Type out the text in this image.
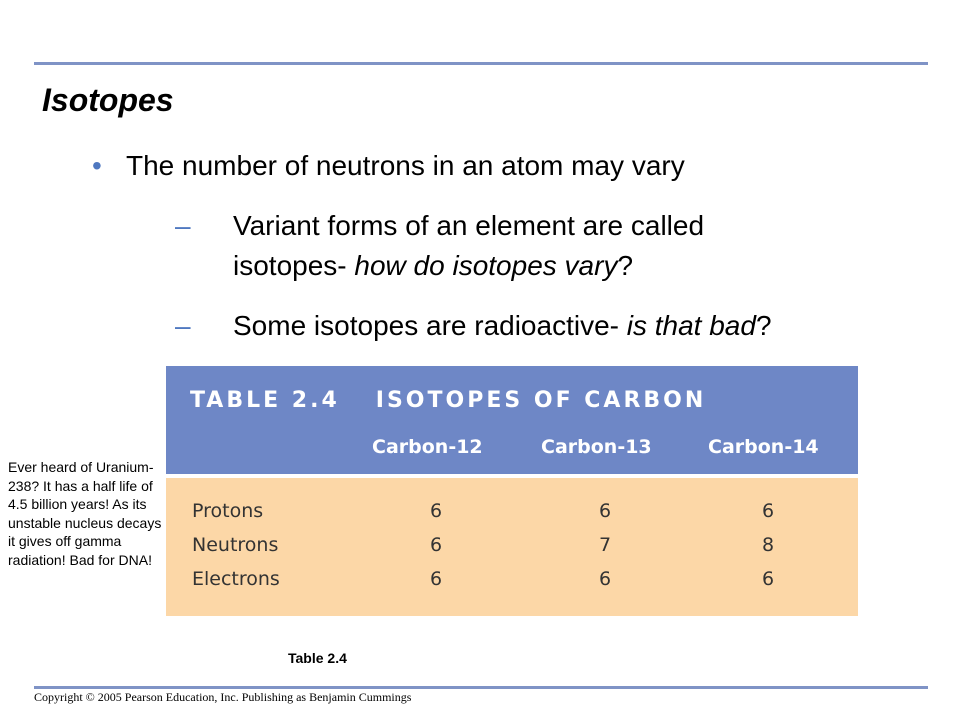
Isotopes
• The number of neutrons in an atom may vary
– Variant forms of an element are called
isotopes- how do isotopes vary?
– Some isotopes are radioactive- is that bad?
TABLE 2.4 ISOTOPES OF CARBON
Carbon-12	Carbon-13	Carbon-14
Protons	6	6	6
Neutrons	6	7	8
Electrons	6	6	6
Ever heard of Uranium- 238? It has a half life of 4.5 billion years! As its unstable nucleus decays it gives off gamma radiation! Bad for DNA!
Table 2.4
Copyright © 2005 Pearson Education, Inc. Publishing as Benjamin Cummings
